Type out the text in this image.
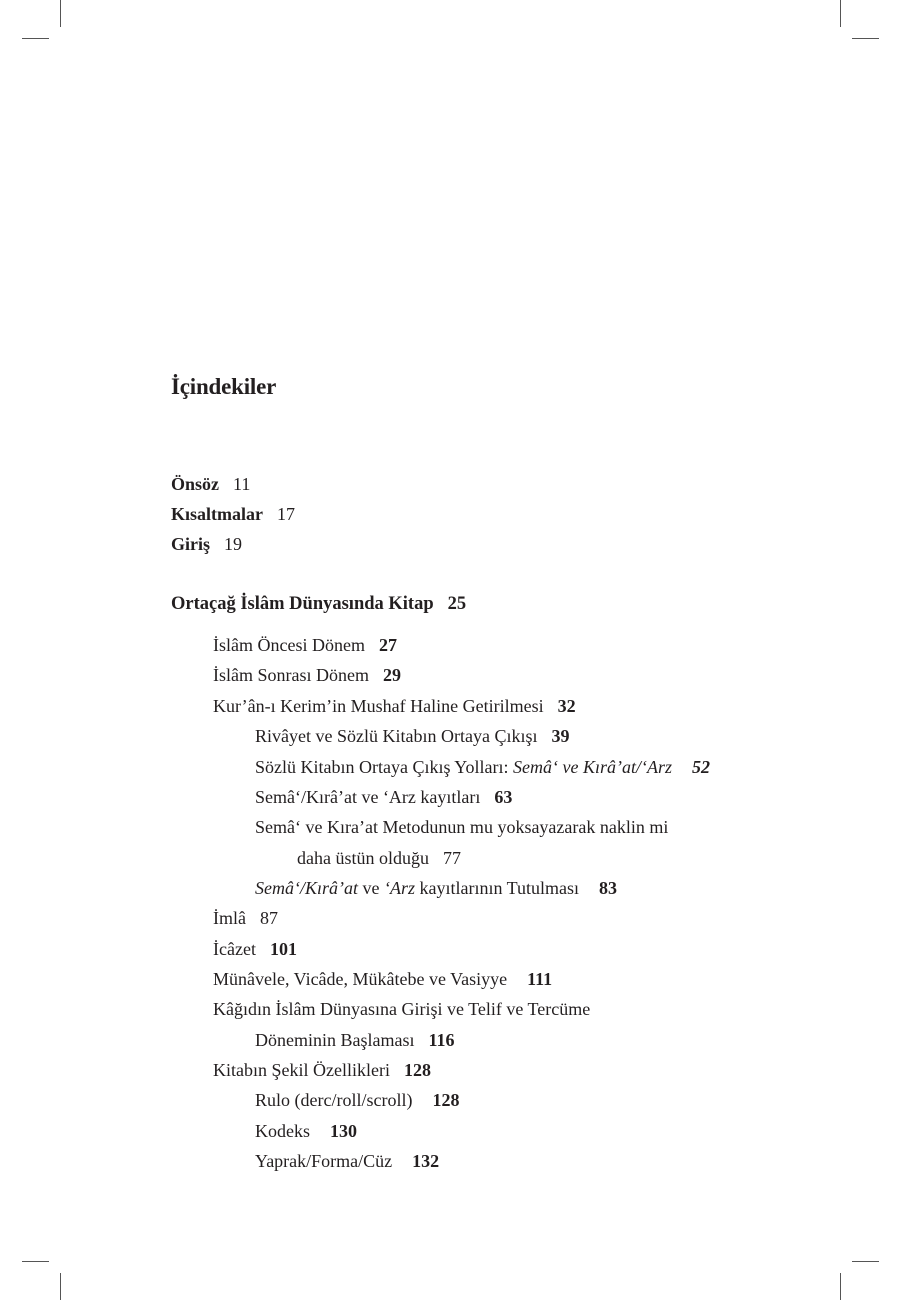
İçindekiler
Önsöz 11
Kısaltmalar 17
Giriş 19
Ortaçağ İslâm Dünyasında Kitap 25
İslâm Öncesi Dönem 27
İslâm Sonrası Dönem 29
Kur’ân-ı Kerim’in Mushaf Haline Getirilmesi 32
Rivâyet ve Sözlü Kitabın Ortaya Çıkışı 39
Sözlü Kitabın Ortaya Çıkış Yolları: Semâ‘ ve Kırâ’at/‘Arz 52
Semâ‘/Kırâ’at ve ‘Arz kayıtları 63
Semâ‘ ve Kıra’at Metodunun mu yoksayazarak naklin mi
daha üstün olduğu 77
Semâ‘/Kırâ’at ve ‘Arz kayıtlarının Tutulması 83
İmlâ 87
İcâzet 101
Münâvele, Vicâde, Mükâtebe ve Vasiyye 111
Kâğıdın İslâm Dünyasına Girişi ve Telif ve Tercüme
Döneminin Başlaması 116
Kitabın Şekil Özellikleri 128
Rulo (derc/roll/scroll) 128
Kodeks 130
Yaprak/Forma/Cüz 132
